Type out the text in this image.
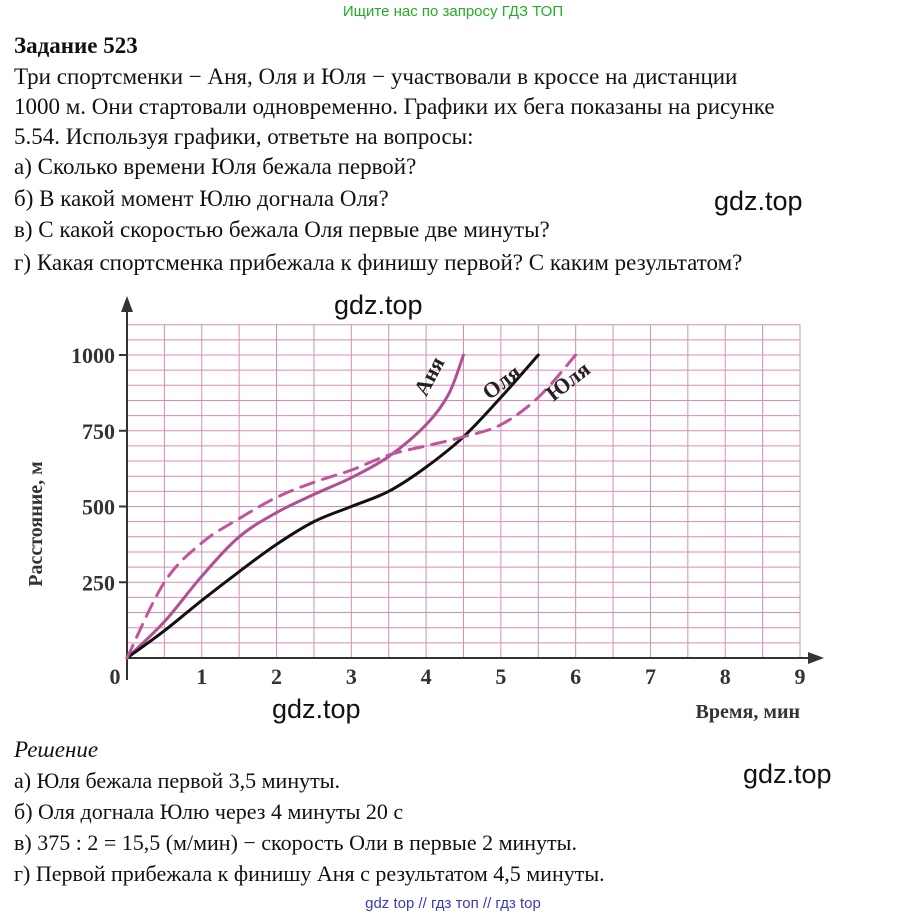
Ищите нас по запросу ГДЗ ТОП
Задание 523

Три спортсменки − Аня, Оля и Юля − участвовали в кроссе на дистанции

1000 м. Они стартовали одновременно. Графики их бега показаны на рисунке

5.54. Используя графики, ответьте на вопросы:

а) Сколько времени Юля бежала первой?

б) В какой момент Юлю догнала Оля?

в) С какой скоростью бежала Оля первые две минуты?

г) Какая спортсменка прибежала к финишу первой? С каким результатом?

gdz.top
gdz.top
gdz.top
gdz.top
0	1	2	3	4	5	6	7	8	9
250
500
750
1000
Время, мин
Расстояние, м
Аня Оля Юля
Решение

а) Юля бежала первой 3,5 минуты.

б) Оля догнала Юлю через 4 минуты 20 с

в) 375 : 2 = 15,5 (м/мин) − скорость Оли в первые 2 минуты.

г) Первой прибежала к финишу Аня с результатом 4,5 минуты.

gdz top // гдз топ // гдз top
